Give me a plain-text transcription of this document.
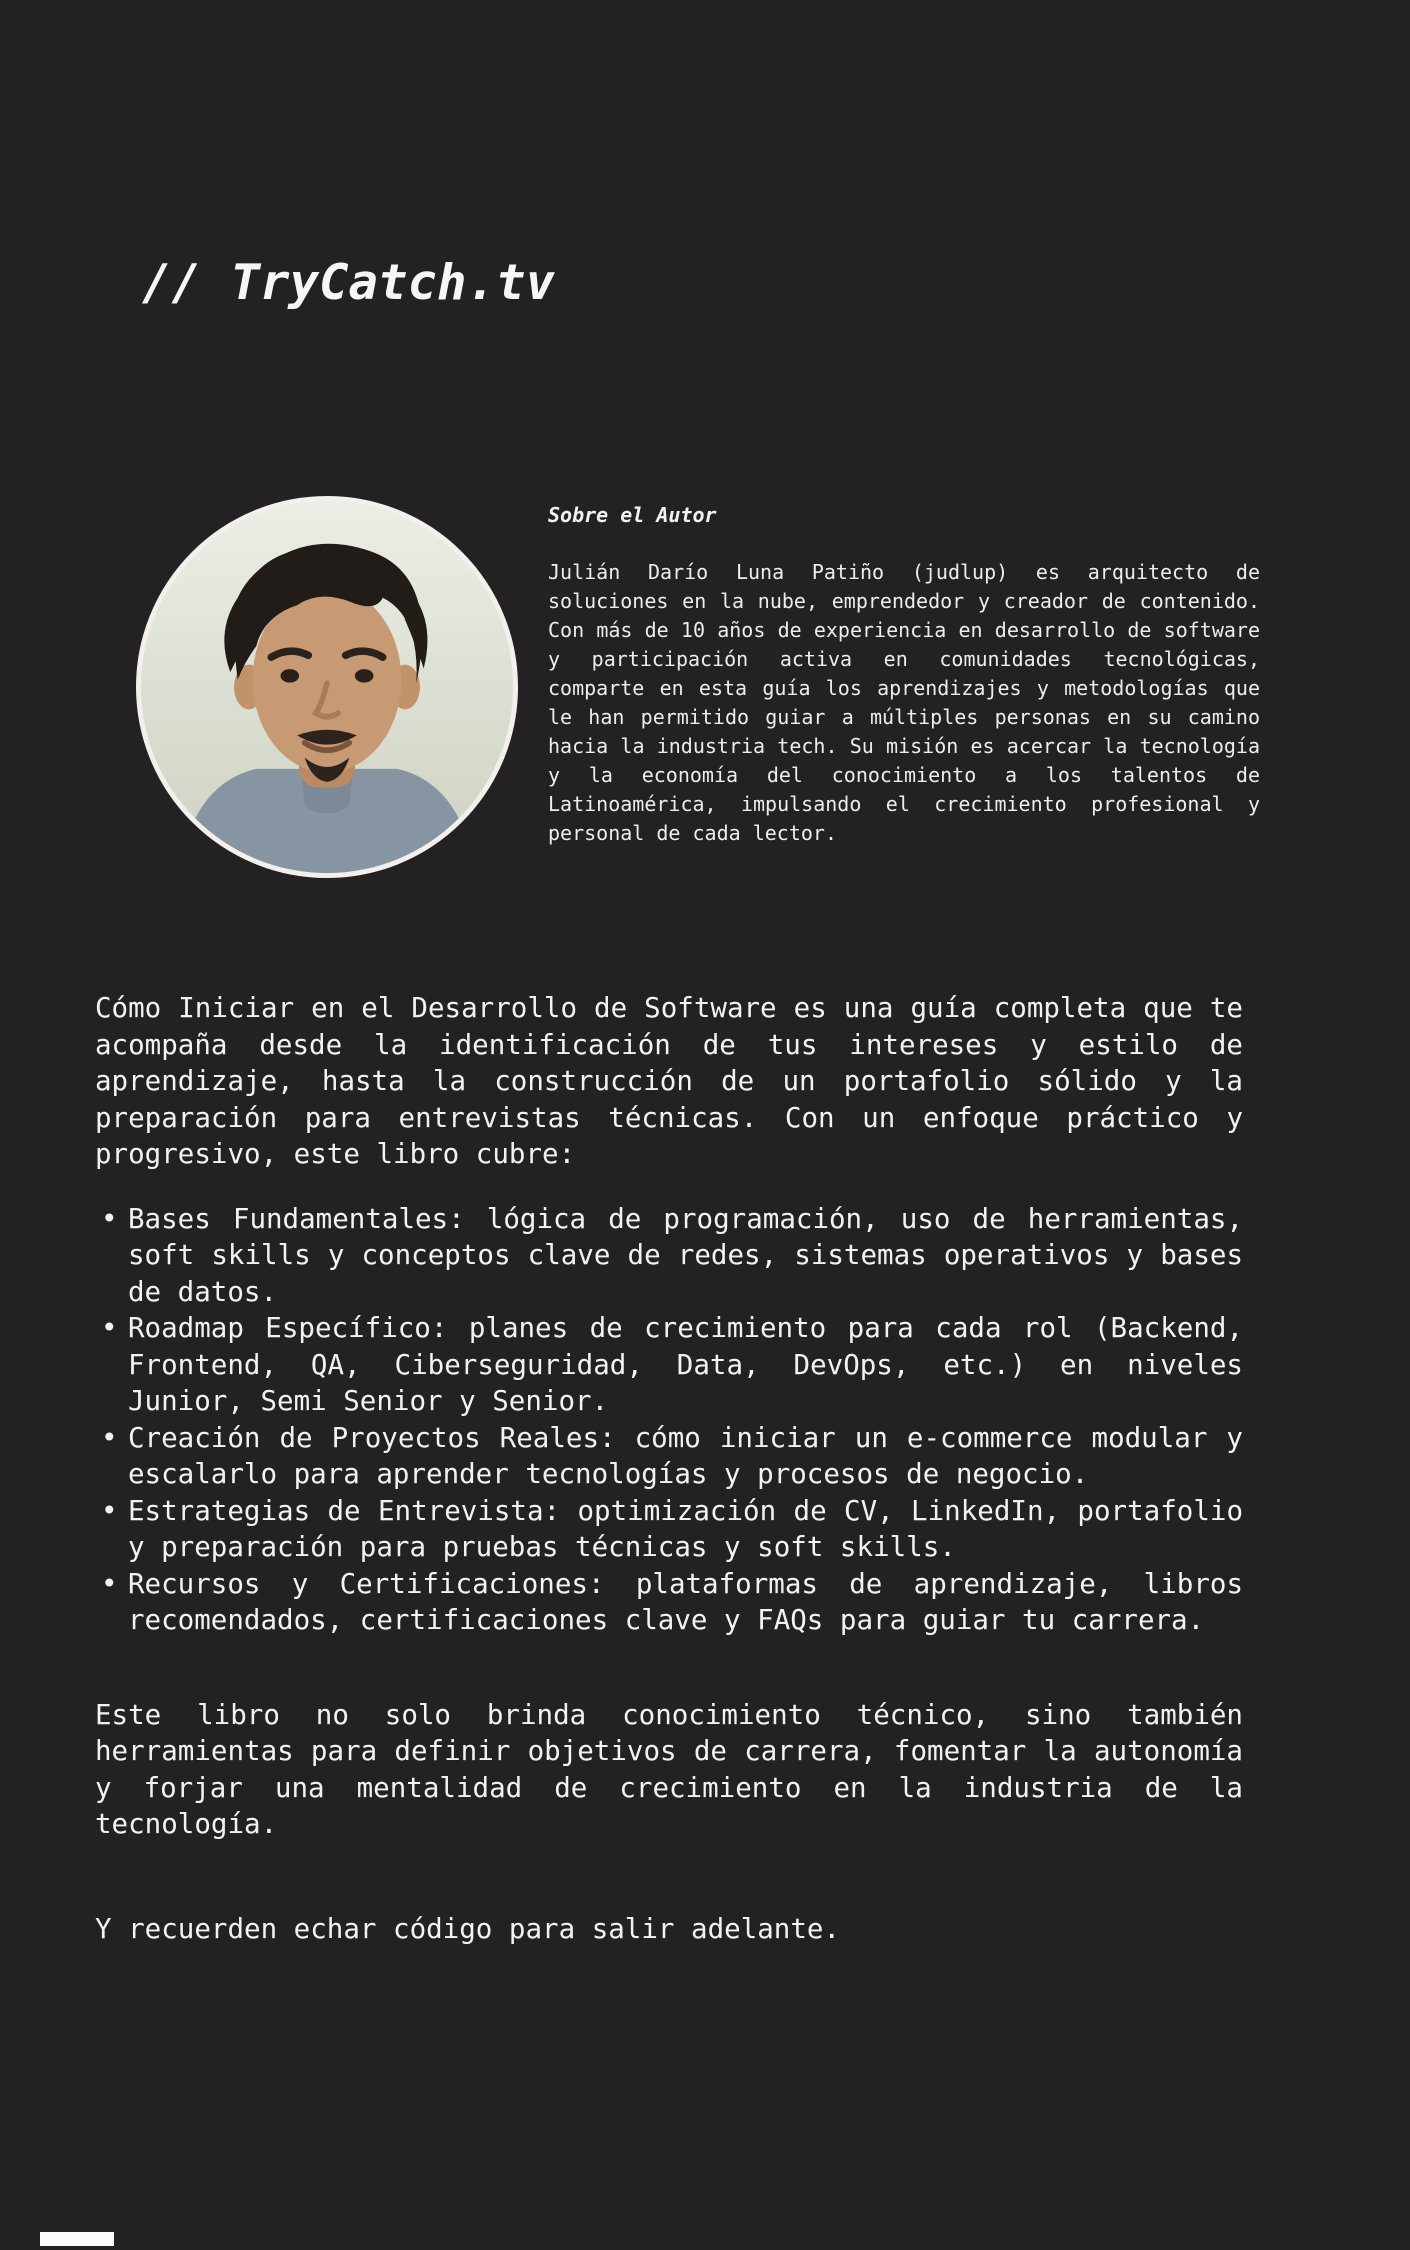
// TryCatch.tv
Sobre el Autor

Julián Darío Luna Patiño (judlup) es arquitecto de soluciones en la nube, emprendedor y creador de contenido. Con más de 10 años de experiencia en desarrollo de software y participación activa en comunidades tecnológicas, comparte en esta guía los aprendizajes y metodologías que le han permitido guiar a múltiples personas en su camino hacia la industria tech. Su misión es acercar la tecnología y la economía del conocimiento a los talentos de Latinoamérica, impulsando el crecimiento profesional y personal de cada lector.

Cómo Iniciar en el Desarrollo de Software es una guía completa que te acompaña desde la identificación de tus intereses y estilo de aprendizaje, hasta la construcción de un portafolio sólido y la preparación para entrevistas técnicas. Con un enfoque práctico y progresivo, este libro cubre:

• Bases Fundamentales: lógica de programación, uso de herramientas, soft skills y conceptos clave de redes, sistemas operativos y bases de datos.
• Roadmap Específico: planes de crecimiento para cada rol (Backend, Frontend, QA, Ciberseguridad, Data, DevOps, etc.) en niveles Junior, Semi Senior y Senior.
• Creación de Proyectos Reales: cómo iniciar un e-commerce modular y escalarlo para aprender tecnologías y procesos de negocio.
• Estrategias de Entrevista: optimización de CV, LinkedIn, portafolio y preparación para pruebas técnicas y soft skills.
• Recursos y Certificaciones: plataformas de aprendizaje, libros recomendados, certificaciones clave y FAQs para guiar tu carrera.

Este libro no solo brinda conocimiento técnico, sino también herramientas para definir objetivos de carrera, fomentar la autonomía y forjar una mentalidad de crecimiento en la industria de la tecnología.

Y recuerden echar código para salir adelante.
